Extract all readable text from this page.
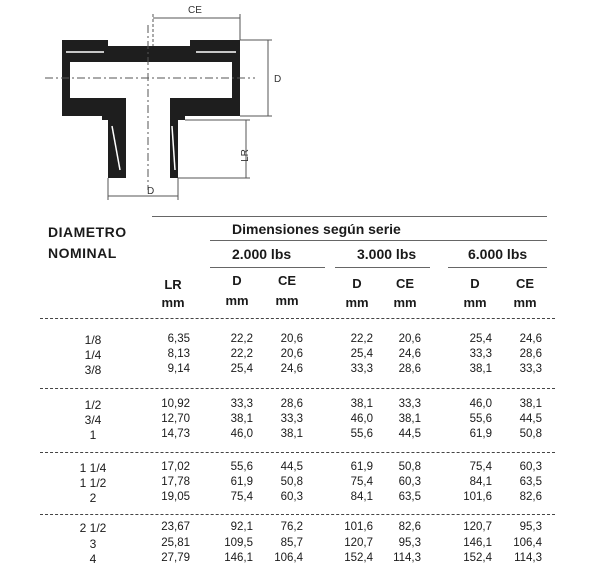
CE
D
LR
D
DIAMETRO
NOMINAL
Dimensiones según serie
2.000 lbs	3.000 lbs	6.000 lbs
LR
mm
D
mm
CE
mm
D
mm
CE
mm
D
mm
CE
mm
1/8	6,35	22,2	20,6	22,2	20,6	25,4	24,6
1/4	8,13	22,2	20,6	25,4	24,6	33,3	28,6
3/8	9,14	25,4	24,6	33,3	28,6	38,1	33,3
1/2	10,92	33,3	28,6	38,1	33,3	46,0	38,1
3/4	12,70	38,1	33,3	46,0	38,1	55,6	44,5
1	14,73	46,0	38,1	55,6	44,5	61,9	50,8
1 1/4	17,02	55,6	44,5	61,9	50,8	75,4	60,3
1 1/2	17,78	61,9	50,8	75,4	60,3	84,1	63,5
2	19,05	75,4	60,3	84,1	63,5	101,6	82,6
2 1/2	23,67	92,1	76,2	101,6	82,6	120,7	95,3
3	25,81	109,5	85,7	120,7	95,3	146,1	106,4
4	27,79	146,1	106,4	152,4	114,3	152,4	114,3
